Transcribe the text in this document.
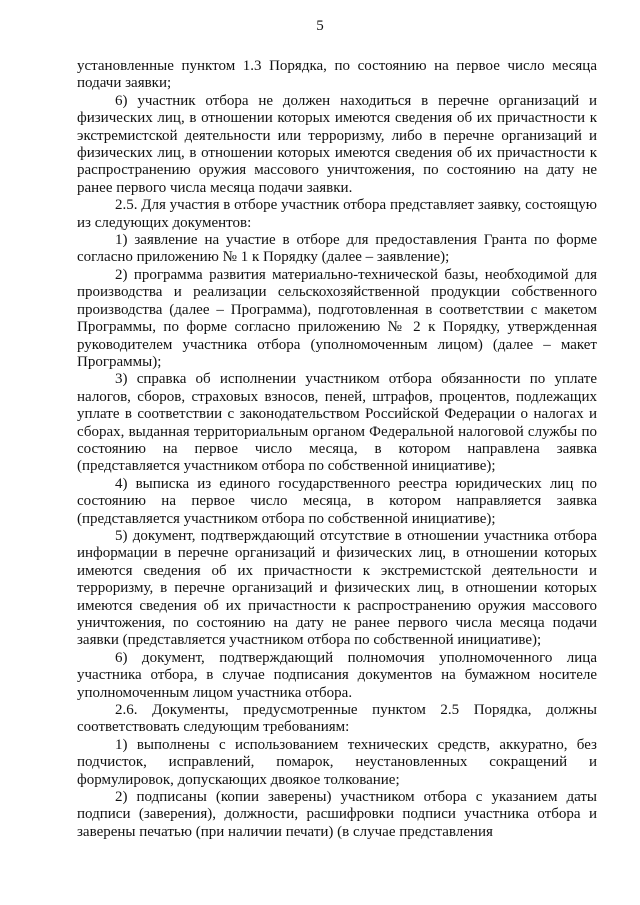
5

установленные пунктом 1.3 Порядка, по состоянию на первое число месяца подачи заявки;

6) участник отбора не должен находиться в перечне организаций и физических лиц, в отношении которых имеются сведения об их причастности к экстремистской деятельности или терроризму, либо в перечне организаций и физических лиц, в отношении которых имеются сведения об их причастности к распространению оружия массового уничтожения, по состоянию на дату не ранее первого числа месяца подачи заявки.

2.5. Для участия в отборе участник отбора представляет заявку, состоящую из следующих документов:

1) заявление на участие в отборе для предоставления Гранта по форме согласно приложению № 1 к Порядку (далее – заявление);

2) программа развития материально-технической базы, необходимой для производства и реализации сельскохозяйственной продукции собственного производства (далее – Программа), подготовленная в соответствии с макетом Программы, по форме согласно приложению № 2 к Порядку, утвержденная руководителем участника отбора (уполномоченным лицом) (далее – макет Программы);

3) справка об исполнении участником отбора обязанности по уплате налогов, сборов, страховых взносов, пеней, штрафов, процентов, подлежащих уплате в соответствии с законодательством Российской Федерации о налогах и сборах, выданная территориальным органом Федеральной налоговой службы по состоянию на первое число месяца, в котором направлена заявка (представляется участником отбора по собственной инициативе);

4) выписка из единого государственного реестра юридических лиц по состоянию на первое число месяца, в котором направляется заявка (представляется участником отбора по собственной инициативе);

5) документ, подтверждающий отсутствие в отношении участника отбора информации в перечне организаций и физических лиц, в отношении которых имеются сведения об их причастности к экстремистской деятельности и терроризму, в перечне организаций и физических лиц, в отношении которых имеются сведения об их причастности к распространению оружия массового уничтожения, по состоянию на дату не ранее первого числа месяца подачи заявки (представляется участником отбора по собственной инициативе);

6) документ, подтверждающий полномочия уполномоченного лица участника отбора, в случае подписания документов на бумажном носителе уполномоченным лицом участника отбора.

2.6. Документы, предусмотренные пунктом 2.5 Порядка, должны соответствовать следующим требованиям:

1) выполнены с использованием технических средств, аккуратно, без подчисток, исправлений, помарок, неустановленных сокращений и формулировок, допускающих двоякое толкование;

2) подписаны (копии заверены) участником отбора с указанием даты подписи (заверения), должности, расшифровки подписи участника отбора и заверены печатью (при наличии печати) (в случае представления
